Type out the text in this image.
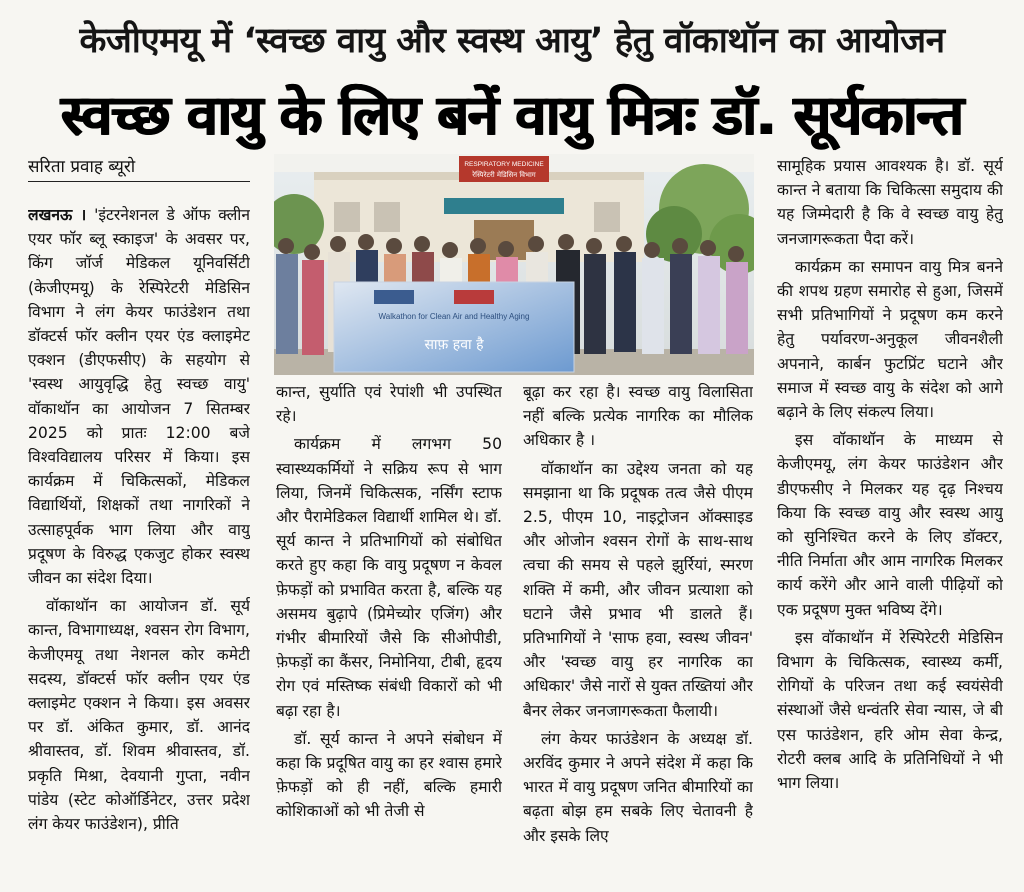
केजीएमयू में ‘स्वच्छ वायु और स्वस्थ आयु’ हेतु वॉकाथॉन का आयोजन
स्वच्छ वायु के लिए बनें वायु मित्रः डॉ. सूर्यकान्त
सरिता प्रवाह ब्यूरो

लखनऊ । 'इंटरनेशनल डे ऑफ क्लीन एयर फॉर ब्लू स्काइज' के अवसर पर, किंग जॉर्ज मेडिकल यूनिवर्सिटी (केजीएमयू) के रेस्पिरेटरी मेडिसिन विभाग ने लंग केयर फाउंडेशन तथा डॉक्टर्स फॉर क्लीन एयर एंड क्लाइमेट एक्शन (डीएफसीए) के सहयोग से 'स्वस्थ आयुवृद्धि हेतु स्वच्छ वायु' वॉकाथॉन का आयोजन 7 सितम्बर 2025 को प्रातः 12:00 बजे विश्वविद्यालय परिसर में किया। इस कार्यक्रम में चिकित्सकों, मेडिकल विद्यार्थियों, शिक्षकों तथा नागरिकों ने उत्साहपूर्वक भाग लिया और वायु प्रदूषण के विरुद्ध एकजुट होकर स्वस्थ जीवन का संदेश दिया।

वॉकाथॉन का आयोजन डॉ. सूर्य कान्त, विभागाध्यक्ष, श्वसन रोग विभाग, केजीएमयू तथा नेशनल कोर कमेटी सदस्य, डॉक्टर्स फॉर क्लीन एयर एंड क्लाइमेट एक्शन ने किया। इस अवसर पर डॉ. अंकित कुमार, डॉ. आनंद श्रीवास्तव, डॉ. शिवम श्रीवास्तव, डॉ. प्रकृति मिश्रा, देवयानी गुप्ता, नवीन पांडेय (स्टेट कोऑर्डिनेटर, उत्तर प्रदेश लंग केयर फाउंडेशन), प्रीति

RESPIRATORY MEDICINE
रेस्पिरेटरी मेडिसिन विभाग
Walkathon for Clean Air and Healthy Aging
साफ़ हवा है

कान्त, सुर्याति एवं रेपांशी भी उपस्थित रहे।

कार्यक्रम में लगभग 50 स्वास्थ्यकर्मियों ने सक्रिय रूप से भाग लिया, जिनमें चिकित्सक, नर्सिंग स्टाफ और पैरामेडिकल विद्यार्थी शामिल थे। डॉ. सूर्य कान्त ने प्रतिभागियों को संबोधित करते हुए कहा कि वायु प्रदूषण न केवल फ़ेफड़ों को प्रभावित करता है, बल्कि यह असमय बुढ़ापे (प्रिमेच्योर एजिंग) और गंभीर बीमारियों जैसे कि सीओपीडी, फ़ेफड़ों का कैंसर, निमोनिया, टीबी, हृदय रोग एवं मस्तिष्क संबंधी विकारों को भी बढ़ा रहा है।

डॉ. सूर्य कान्त ने अपने संबोधन में कहा कि प्रदूषित वायु का हर श्वास हमारे फ़ेफड़ों को ही नहीं, बल्कि हमारी कोशिकाओं को भी तेजी से

बूढ़ा कर रहा है। स्वच्छ वायु विलासिता नहीं बल्कि प्रत्येक नागरिक का मौलिक अधिकार है ।

वॉकाथॉन का उद्देश्य जनता को यह समझाना था कि प्रदूषक तत्व जैसे पीएम 2.5, पीएम 10, नाइट्रोजन ऑक्साइड और ओजोन श्वसन रोगों के साथ-साथ त्वचा की समय से पहले झुर्रियां, स्मरण शक्ति में कमी, और जीवन प्रत्याशा को घटाने जैसे प्रभाव भी डालते हैं। प्रतिभागियों ने 'साफ हवा, स्वस्थ जीवन' और 'स्वच्छ वायु हर नागरिक का अधिकार' जैसे नारों से युक्त तख्तियां और बैनर लेकर जनजागरूकता फैलायी।

लंग केयर फाउंडेशन के अध्यक्ष डॉ. अरविंद कुमार ने अपने संदेश में कहा कि भारत में वायु प्रदूषण जनित बीमारियों का बढ़ता बोझ हम सबके लिए चेतावनी है और इसके लिए

सामूहिक प्रयास आवश्यक है। डॉ. सूर्य कान्त ने बताया कि चिकित्सा समुदाय की यह जिम्मेदारी है कि वे स्वच्छ वायु हेतु जनजागरूकता पैदा करें।

कार्यक्रम का समापन वायु मित्र बनने की शपथ ग्रहण समारोह से हुआ, जिसमें सभी प्रतिभागियों ने प्रदूषण कम करने हेतु पर्यावरण-अनुकूल जीवनशैली अपनाने, कार्बन फुटप्रिंट घटाने और समाज में स्वच्छ वायु के संदेश को आगे बढ़ाने के लिए संकल्प लिया।

इस वॉकाथॉन के माध्यम से केजीएमयू, लंग केयर फाउंडेशन और डीएफसीए ने मिलकर यह दृढ़ निश्चय किया कि स्वच्छ वायु और स्वस्थ आयु को सुनिश्चित करने के लिए डॉक्टर, नीति निर्माता और आम नागरिक मिलकर कार्य करेंगे और आने वाली पीढ़ियों को एक प्रदूषण मुक्त भविष्य देंगे।

इस वॉकाथॉन में रेस्पिरेटरी मेडिसिन विभाग के चिकित्सक, स्वास्थ्य कर्मी, रोगियों के परिजन तथा कई स्वयंसेवी संस्थाओं जैसे धन्वंतरि सेवा न्यास, जे बी एस फाउंडेशन, हरि ओम सेवा केन्द्र, रोटरी क्लब आदि के प्रतिनिधियों ने भी भाग लिया।
